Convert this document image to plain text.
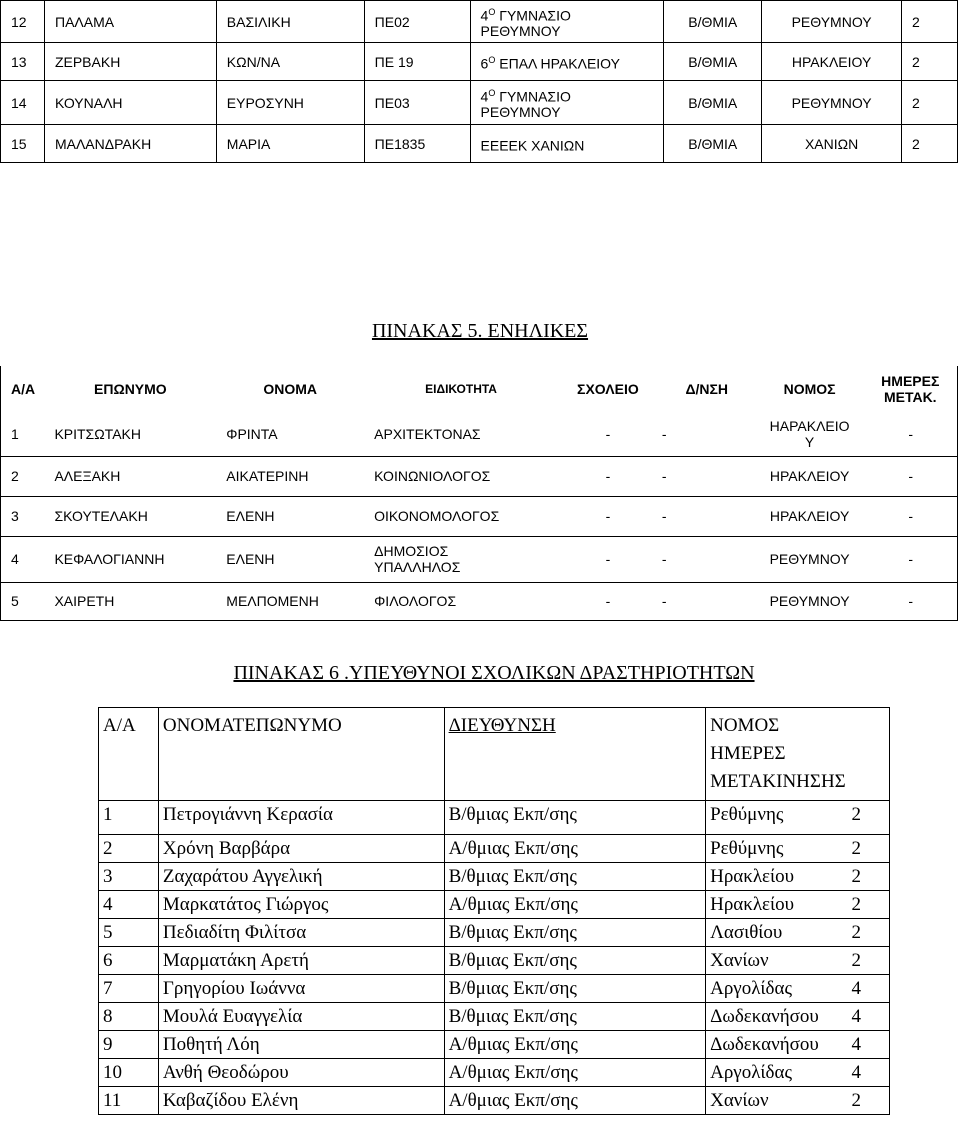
12	ΠΑΛΑΜΑ	ΒΑΣΙΛΙΚΗ	ΠΕ02	$4^O$ ΓΥΜΝΑΣΙΟ
ΡΕΘΥΜΝΟΥ	Β/ΘΜΙΑ	ΡΕΘΥΜΝΟΥ	2
13	ΖΕΡΒΑΚΗ	ΚΩΝ/ΝΑ	ΠΕ 19	$6^O$ ΕΠΑΛ ΗΡΑΚΛΕΙΟΥ	Β/ΘΜΙΑ	ΗΡΑΚΛΕΙΟΥ	2
14	ΚΟΥΝΑΛΗ	ΕΥΡΟΣΥΝΗ	ΠΕ03	$4^O$ ΓΥΜΝΑΣΙΟ
ΡΕΘΥΜΝΟΥ	Β/ΘΜΙΑ	ΡΕΘΥΜΝΟΥ	2
15	ΜΑΛΑΝΔΡΑΚΗ	ΜΑΡΙΑ	ΠΕ1835	ΕΕΕΕΚ ΧΑΝΙΩΝ	Β/ΘΜΙΑ	ΧΑΝΙΩΝ	2
ΠΙΝΑΚΑΣ 5. ΕΝΗΛΙΚΕΣ
Α/Α	ΕΠΩΝΥΜΟ	ΟΝΟΜΑ	ΕΙΔΙΚΟΤΗΤΑ	ΣΧΟΛΕΙΟ	Δ/ΝΣΗ	ΝΟΜΟΣ	ΗΜΕΡΕΣ
ΜΕΤΑΚ.

1	ΚΡΙΤΣΩΤΑΚΗ	ΦΡΙΝΤΑ	ΑΡΧΙΤΕΚΤΟΝΑΣ	-	-	ΗΑΡΑΚΛΕΙΟ
Υ	-
2	ΑΛΕΞΑΚΗ	ΑΙΚΑΤΕΡΙΝΗ	ΚΟΙΝΩΝΙΟΛΟΓΟΣ	-	-	ΗΡΑΚΛΕΙΟΥ	-
3	ΣΚΟΥΤΕΛΑΚΗ	ΕΛΕΝΗ	ΟΙΚΟΝΟΜΟΛΟΓΟΣ	-	-	ΗΡΑΚΛΕΙΟΥ	-
4	ΚΕΦΑΛΟΓΙΑΝΝΗ	ΕΛΕΝΗ	ΔΗΜΟΣΙΟΣ
ΥΠΑΛΛΗΛΟΣ	-	-	ΡΕΘΥΜΝΟΥ	-
5	ΧΑΙΡΕΤΗ	ΜΕΛΠΟΜΕΝΗ	ΦΙΛΟΛΟΓΟΣ	-	-	ΡΕΘΥΜΝΟΥ	-
ΠΙΝΑΚΑΣ 6 .ΥΠΕΥΘΥΝΟΙ ΣΧΟΛΙΚΩΝ ΔΡΑΣΤΗΡΙΟΤΗΤΩΝ
Α/Α	ΟΝΟΜΑΤΕΠΩΝΥΜΟ	ΔΙΕΥΘΥΝΣΗ	ΝΟΜΟΣ
ΗΜΕΡΕΣ
ΜΕΤΑΚΙΝΗΣΗΣ

1	Πετρογιάννη Κερασία	Β/θμιας Εκπ/σης	Ρεθύμνης 2

2	Χρόνη Βαρβάρα	Α/θμιας Εκπ/σης	Ρεθύμνης 2

3	Ζαχαράτου Αγγελική	Β/θμιας Εκπ/σης	Ηρακλείου 2

4	Μαρκατάτος Γιώργος	Α/θμιας Εκπ/σης	Ηρακλείου 2

5	Πεδιαδίτη Φιλίτσα	Β/θμιας Εκπ/σης	Λασιθίου 2

6	Μαρματάκη Αρετή	Β/θμιας Εκπ/σης	Χανίων 2

7	Γρηγορίου Ιωάννα	Β/θμιας Εκπ/σης	Αργολίδας 4

8	Μουλά Ευαγγελία	Β/θμιας Εκπ/σης	Δωδεκανήσου 4

9	Ποθητή Λόη	Α/θμιας Εκπ/σης	Δωδεκανήσου 4

10	Ανθή Θεοδώρου	Α/θμιας Εκπ/σης	Αργολίδας 4

11	Καβαζίδου Ελένη	Α/θμιας Εκπ/σης	Χανίων 2
